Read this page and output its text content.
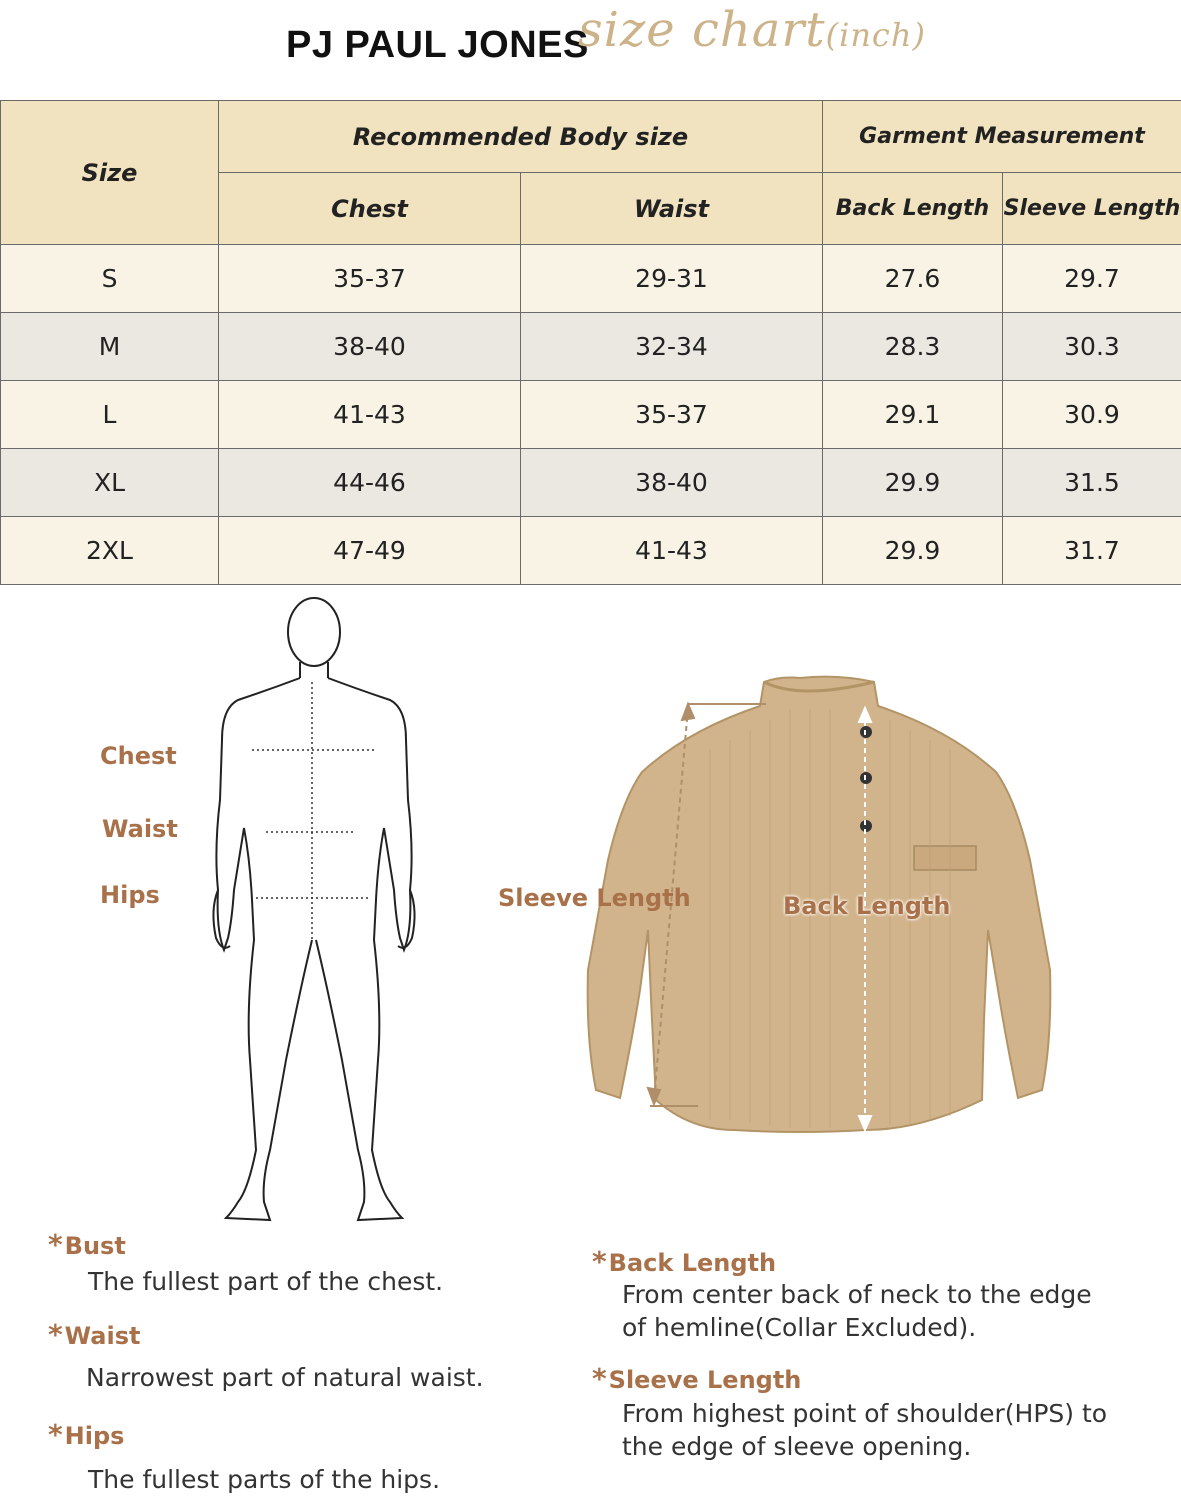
PJ PAUL JONES
size chart(inch)
Size	Recommended Body size		Garment Measurement	
	Chest	Waist	Back Length	Sleeve Length
S	35-37	29-31	27.6	29.7
M	38-40	32-34	28.3	30.3
L	41-43	35-37	29.1	30.9
XL	44-46	38-40	29.9	31.5
2XL	47-49	41-43	29.9	31.7
Chest
Waist
Hips	Sleeve Length	Back Length
*Bust
The fullest part of the chest.
*Waist
Narrowest part of natural waist.
*Hips
The fullest parts of the hips.
*Back Length
From center back of neck to the edge
of hemline(Collar Excluded).
*Sleeve Length
From highest point of shoulder(HPS) to
the edge of sleeve opening.
